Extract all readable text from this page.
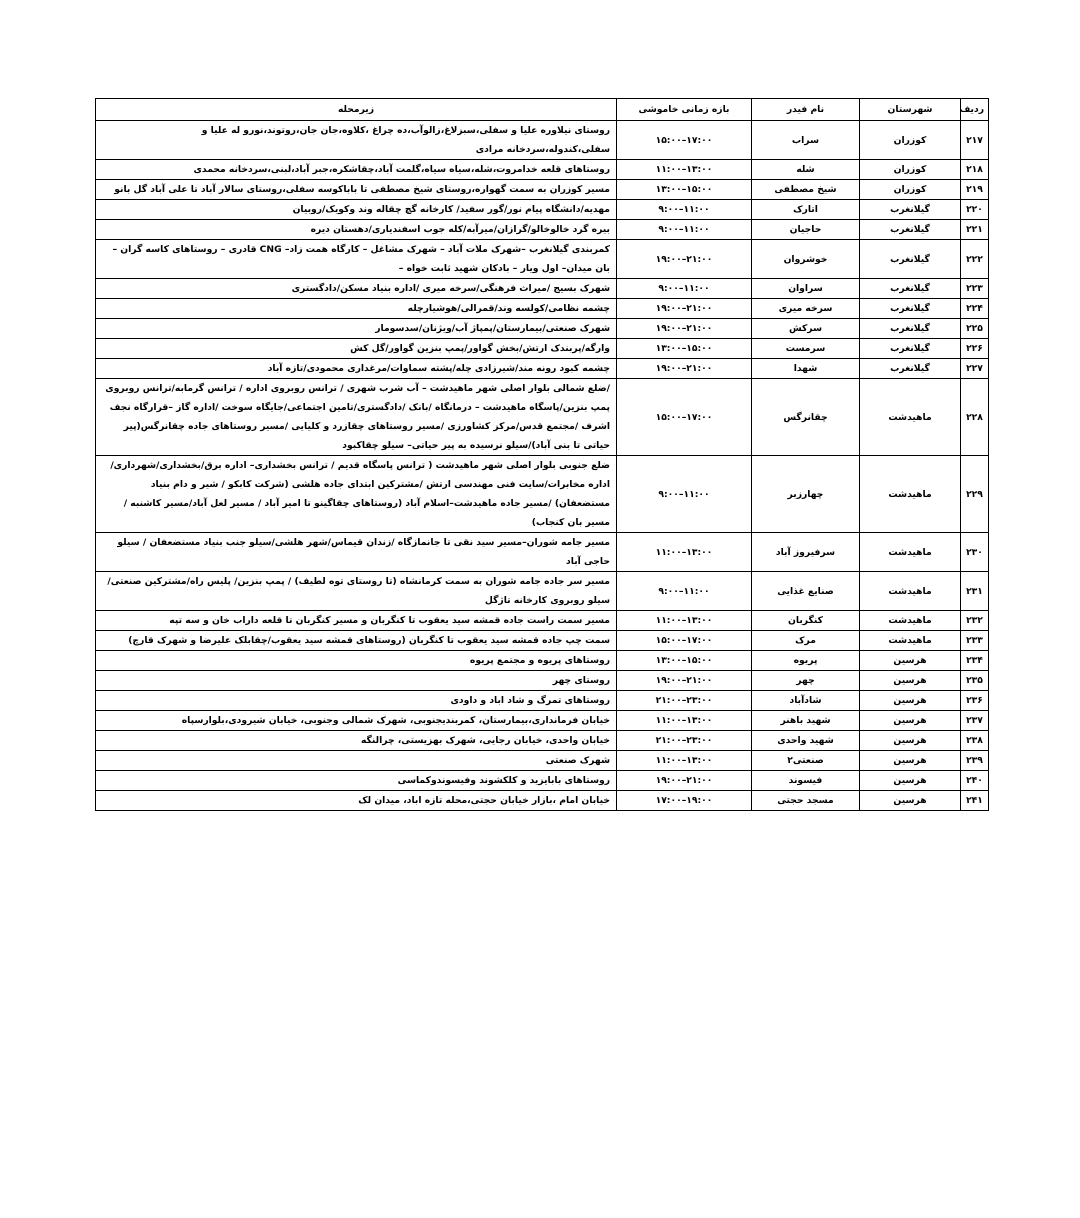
ردیف	شهرستان	نام فیدر	بازه زمانی خاموشی	زیرمحله
۲۱۷	کوزران	سراب	۱۵:۰۰–۱۷:۰۰	روستای نیلاوره علیا و سفلی،سبزلاغ،زالوآب،ده چراغ ،کلاوه،جان جان،روتوند،نورو له علیا و سفلی،کندوله،سردخانه مرادی
۲۱۸	کوزران	شله	۱۱:۰۰–۱۳:۰۰	روستاهای قلعه خدامروت،شله،سیاه سیاه،گلمت آباد،چقاشکره،جبر آباد،لبنی،سردخانه محمدی
۲۱۹	کوزران	شیخ مصطفی	۱۳:۰۰–۱۵:۰۰	مسیر کوزران به سمت گهواره،روستای شیخ مصطفی تا باباکوسه سفلی،روستای سالار آباد تا علی آباد گل بانو
۲۲۰	گیلانغرب	اتارک	۹:۰۰–۱۱:۰۰	مهدیه/دانشگاه پیام نور/گور سفید/ کارخانه گچ چقاله وند وکویک/روبیان
۲۲۱	گیلانغرب	حاجیان	۹:۰۰–۱۱:۰۰	بیره گرد خالوخالو/گرازان/میرآبه/کله جوب اسفندیاری/دهستان دیره
۲۲۲	گیلانغرب	خوشروان	۱۹:۰۰–۲۱:۰۰	کمربندی گیلانغرب –شهرک ملات آباد – شهرک مشاغل – کارگاه همت زاد– CNG قادری – روستاهای کاسه گران – بان میدان– اول ویار – بادکان شهید ثابت خواه –
۲۲۳	گیلانغرب	سراوان	۹:۰۰–۱۱:۰۰	شهرک بسیج /میراث فرهنگی/سرخه میری /اداره بنیاد مسکن/دادگستری
۲۲۴	گیلانغرب	سرخه میری	۱۹:۰۰–۲۱:۰۰	چشمه نظامی/کولسه وند/قمرالی/هوشیارچله
۲۲۵	گیلانغرب	سرکش	۱۹:۰۰–۲۱:۰۰	شهرک صنعتی/بیمارستان/پمپاژ آب/ویژنان/سدسومار
۲۲۶	گیلانغرب	سرمست	۱۳:۰۰–۱۵:۰۰	وارگه/پربندک ارتش/بخش گواور/پمپ بنزین گواور/گل کش
۲۲۷	گیلانغرب	شهدا	۱۹:۰۰–۲۱:۰۰	چشمه کبود رونه مند/شیرزادی چله/پشته سماوات/مرغداری محمودی/تازه آباد
۲۲۸	ماهیدشت	چقانرگس	۱۵:۰۰–۱۷:۰۰	/ضلع شمالی بلوار اصلی شهر ماهیدشت – آب شرب شهری / ترانس روبروی اداره / ترانس گرمابه/ترانس روبروی پمپ بنزین/پاسگاه ماهیدشت – درمانگاه /بانک /دادگستری/تامین اجتماعی/جایگاه سوخت /اداره گاز –قرارگاه نجف اشرف /مجتمع قدس/مرکز کشاورزی /مسیر روستاهای چقازرد و کلیایی /مسیر روستاهای جاده چقانرگس(پیر حیاتی تا بنی آباد)/سیلو نرسیده به پیر حیاتی– سیلو چقاکبود
۲۲۹	ماهیدشت	چهارزبر	۹:۰۰–۱۱:۰۰	ضلع جنوبی بلوار اصلی شهر ماهیدشت ( ترانس پاسگاه قدیم / ترانس بخشداری– اداره برق/بخشداری/شهرداری/اداره مخابرات/سایت فنی مهندسی ارتش /مشترکین ابتدای جاده هلشی (شرکت کابکو / شیر و دام بنیاد مستضعفان) /مسیر جاده ماهیدشت–اسلام آباد (روستاهای چقاگینو تا امیر آباد / مسیر لعل آباد/مسیر کاشنبه / مسیر بان کنجاب)
۲۳۰	ماهیدشت	سرفیروز آباد	۱۱:۰۰–۱۳:۰۰	مسیر جامه شوران–مسیر سید نقی تا جانمازگاه /زندان قیماس/شهر هلشی/سیلو جنب بنیاد مستضعفان / سیلو حاجی آباد
۲۳۱	ماهیدشت	صنایع غذایی	۹:۰۰–۱۱:۰۰	مسیر سر جاده جامه شوران به سمت کرمانشاه (تا روستای توه لطیف) / پمپ بنزین/ پلیس راه/مشترکین صنعتی/سیلو روبروی کارخانه تاژگل
۲۳۲	ماهیدشت	کنگربان	۱۱:۰۰–۱۳:۰۰	مسیر سمت راست جاده قمشه سید یعقوب تا کنگربان و مسیر کنگربان تا قلعه داراب خان و سه تپه
۲۳۳	ماهیدشت	مرک	۱۵:۰۰–۱۷:۰۰	سمت چپ جاده قمشه سید یعقوب تا کنگربان (روستاهای قمشه سید یعقوب/چقابلک علیرضا و شهرک قارچ)
۲۳۴	هرسین	پریوه	۱۳:۰۰–۱۵:۰۰	روستاهای پریوه و مجتمع پریوه
۲۳۵	هرسین	چهر	۱۹:۰۰–۲۱:۰۰	روستای چهر
۲۳۶	هرسین	شادآباد	۲۱:۰۰–۲۳:۰۰	روستاهای تمرگ و شاد اباد و داودی
۲۳۷	هرسین	شهید باهنر	۱۱:۰۰–۱۳:۰۰	خیابان فرمانداری،بیمارستان، کمربندیجنوبی، شهرک شمالی وجنوبی، خیابان شیرودی،بلوارسپاه
۲۳۸	هرسین	شهید واحدی	۲۱:۰۰–۲۳:۰۰	خیابان واحدی، خیابان رجایی، شهرک بهزیستی، چرالنگه
۲۳۹	هرسین	صنعتی۲	۱۱:۰۰–۱۳:۰۰	شهرک صنعتی
۲۴۰	هرسین	فیسوند	۱۹:۰۰–۲۱:۰۰	روستاهای بابایزید و کلکشوند وفیسوندوکماسی
۲۴۱	هرسین	مسجد حجتی	۱۷:۰۰–۱۹:۰۰	خیابان امام ،بازار خیابان حجتی،محله تازه اباد، میدان لک
